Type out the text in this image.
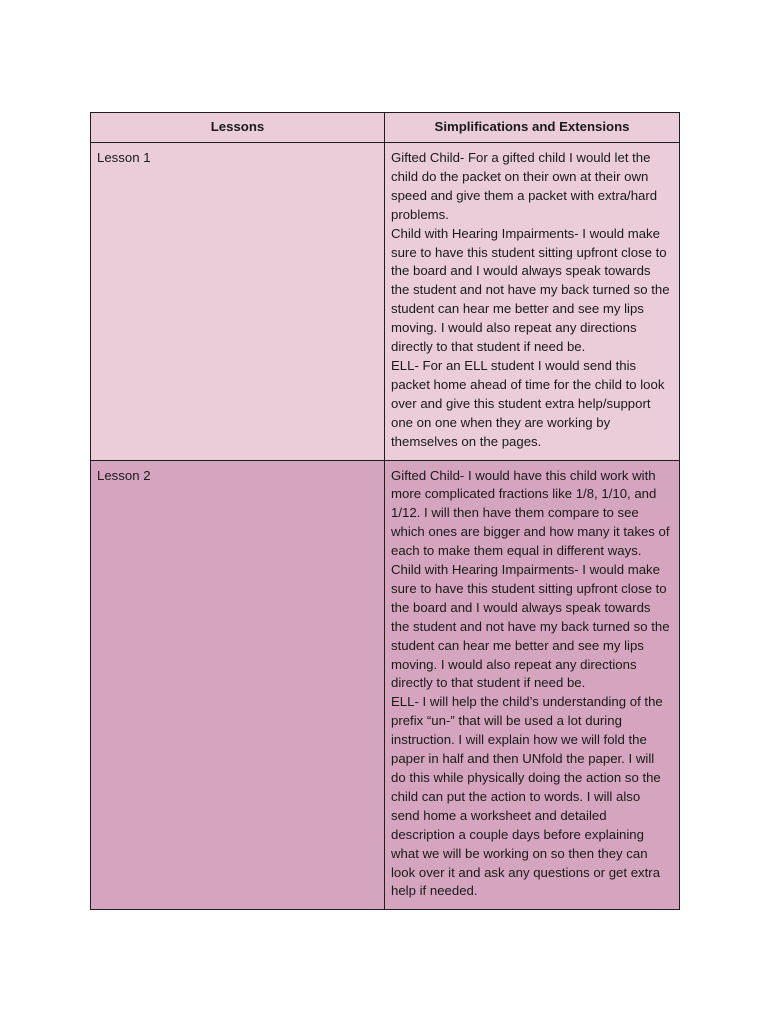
Lessons	Simplifications and Extensions
Lesson 1	Gifted Child- For a gifted child I would let the child do the packet on their own at their own speed and give them a packet with extra/hard problems.
Child with Hearing Impairments- I would make sure to have this student sitting upfront close to the board and I would always speak towards the student and not have my back turned so the student can hear me better and see my lips moving. I would also repeat any directions directly to that student if need be.
ELL- For an ELL student I would send this packet home ahead of time for the child to look over and give this student extra help/support one on one when they are working by themselves on the pages.

Lesson 2	Gifted Child- I would have this child work with more complicated fractions like 1/8, 1/10, and 1/12. I will then have them compare to see which ones are bigger and how many it takes of each to make them equal in different ways.
Child with Hearing Impairments- I would make sure to have this student sitting upfront close to the board and I would always speak towards the student and not have my back turned so the student can hear me better and see my lips moving. I would also repeat any directions directly to that student if need be.
ELL- I will help the child’s understanding of the prefix “un-” that will be used a lot during instruction. I will explain how we will fold the paper in half and then UNfold the paper. I will do this while physically doing the action so the child can put the action to words. I will also send home a worksheet and detailed description a couple days before explaining what we will be working on so then they can look over it and ask any questions or get extra help if needed.
